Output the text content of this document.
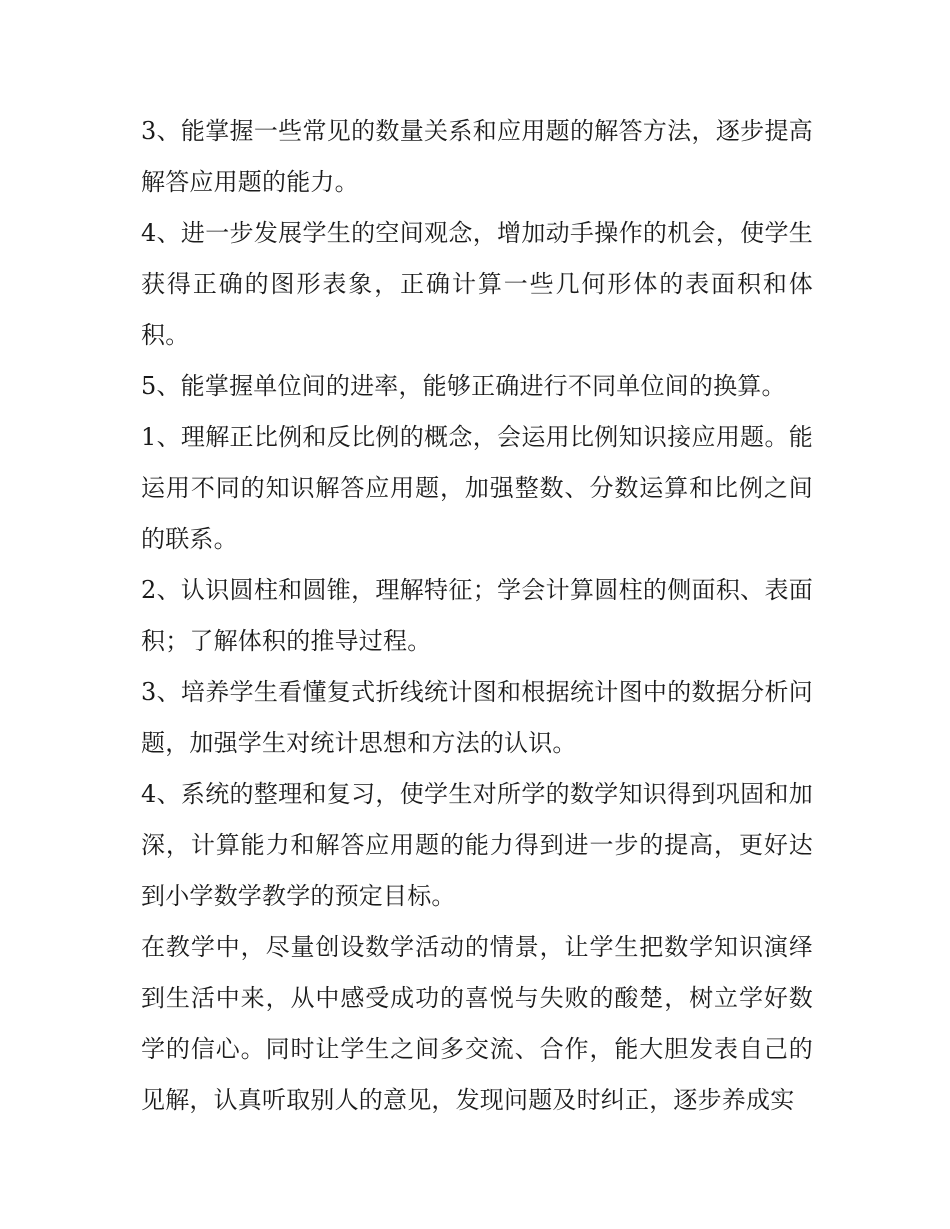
3、能掌握一些常见的数量关系和应用题的解答方法，逐步提高解答应用题的能力。

4、进一步发展学生的空间观念，增加动手操作的机会，使学生获得正确的图形表象，正确计算一些几何形体的表面积和体积。

5、能掌握单位间的进率，能够正确进行不同单位间的换算。

1、理解正比例和反比例的概念，会运用比例知识接应用题。能运用不同的知识解答应用题，加强整数、分数运算和比例之间的联系。

2、认识圆柱和圆锥，理解特征；学会计算圆柱的侧面积、表面积；了解体积的推导过程。

3、培养学生看懂复式折线统计图和根据统计图中的数据分析问题，加强学生对统计思想和方法的认识。

4、系统的整理和复习，使学生对所学的数学知识得到巩固和加深，计算能力和解答应用题的能力得到进一步的提高，更好达到小学数学教学的预定目标。

在教学中，尽量创设数学活动的情景，让学生把数学知识演绎到生活中来，从中感受成功的喜悦与失败的酸楚，树立学好数学的信心。同时让学生之间多交流、合作，能大胆发表自己的见解，认真听取别人的意见，发现问题及时纠正，逐步养成实
